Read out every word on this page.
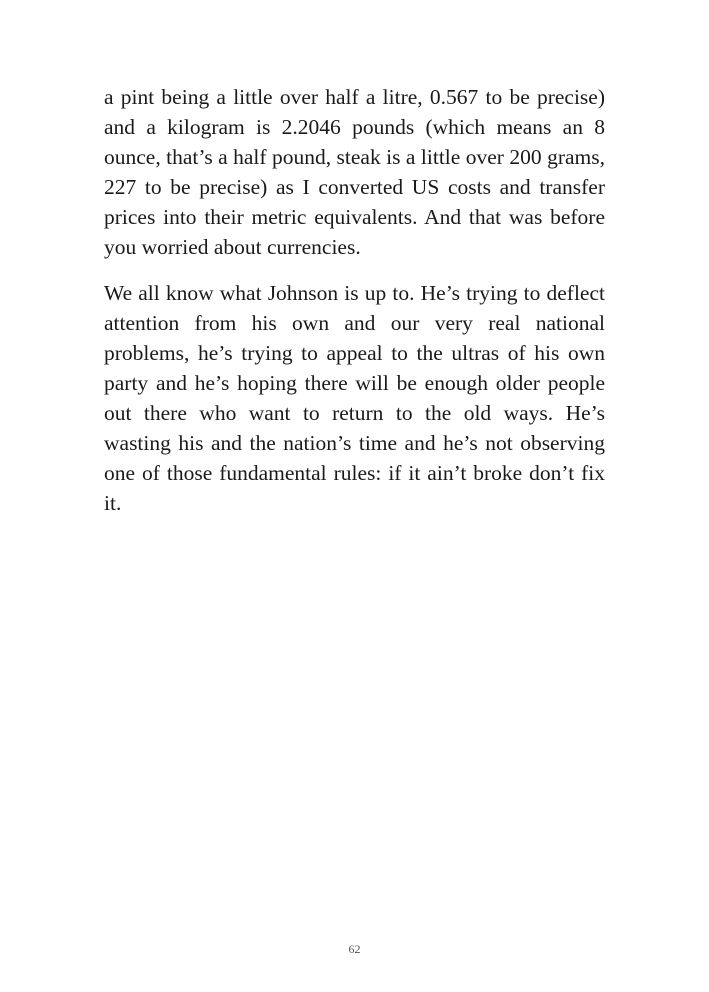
a pint being a little over half a litre, 0.567 to be precise) and a kilogram is 2.2046 pounds (which means an 8 ounce, that’s a half pound, steak is a little over 200 grams, 227 to be precise) as I converted US costs and transfer prices into their metric equivalents. And that was before you worried about currencies.

We all know what Johnson is up to. He’s trying to deflect attention from his own and our very real national problems, he’s trying to appeal to the ultras of his own party and he’s hoping there will be enough older people out there who want to return to the old ways. He’s wasting his and the nation’s time and he’s not observing one of those fundamental rules: if it ain’t broke don’t fix it.

62
